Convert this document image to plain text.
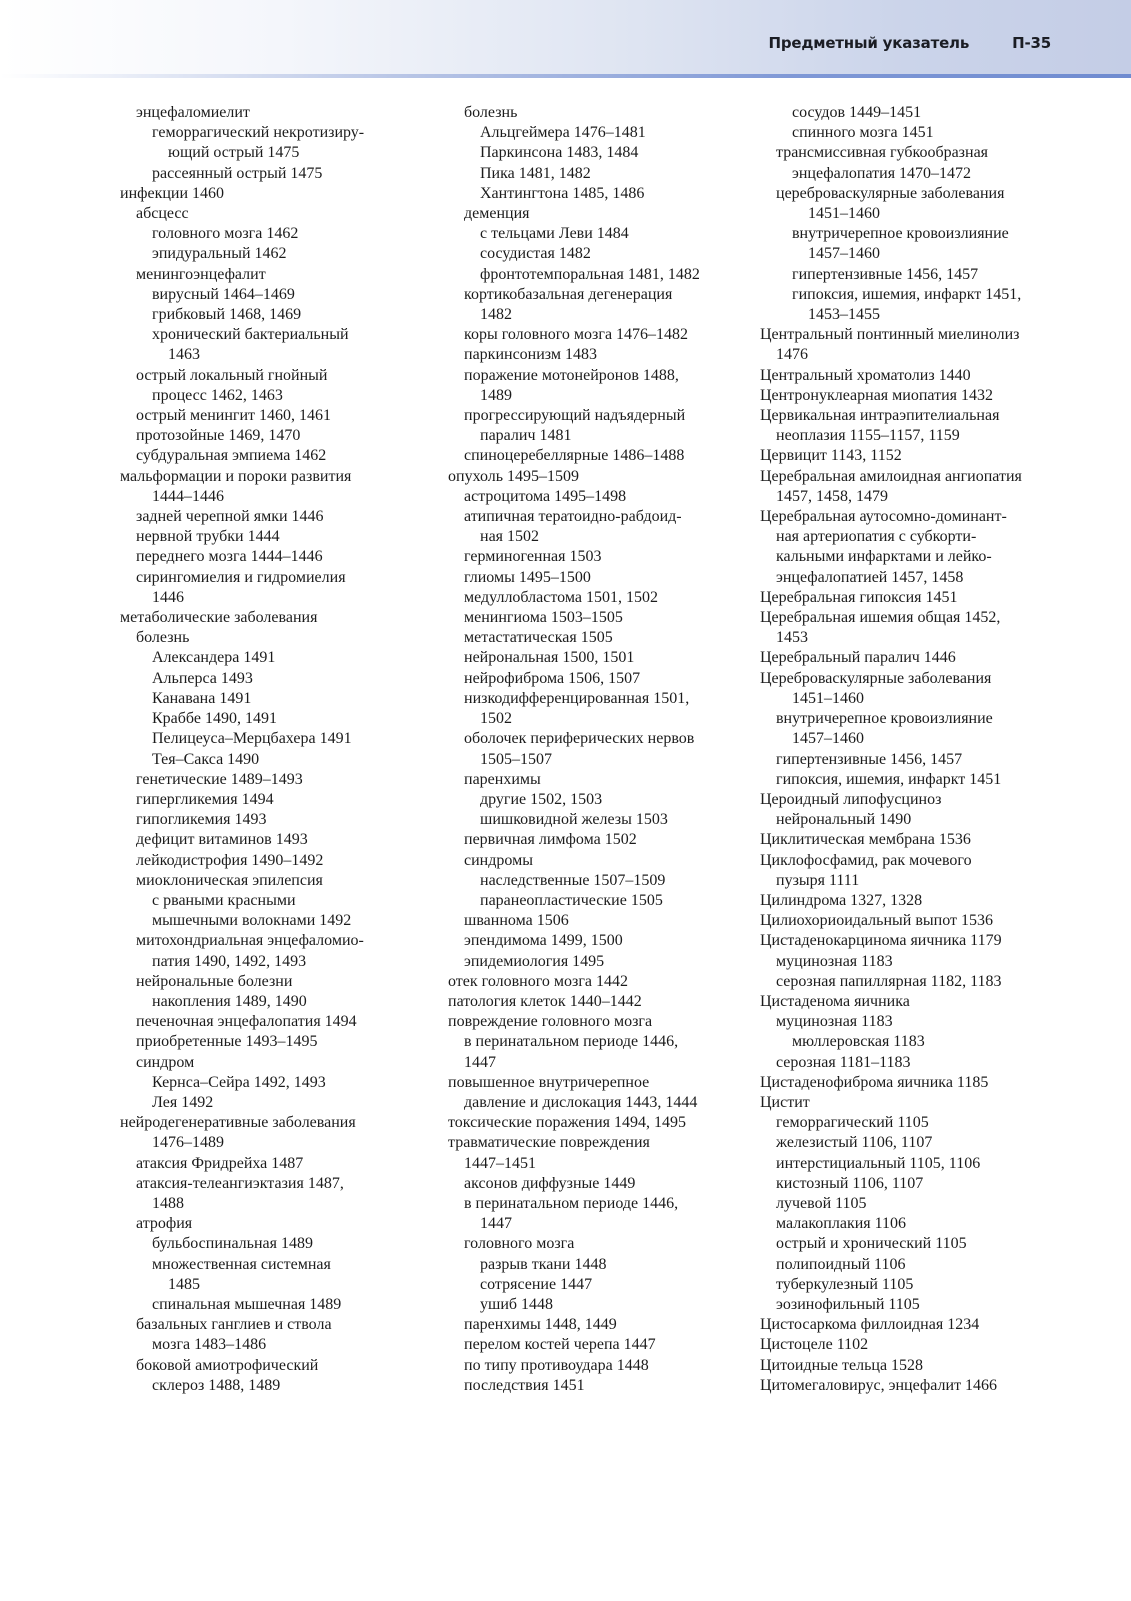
Предметный указатель	П-35
энцефаломиелит
геморрагический некротизиру-
ющий острый 1475
рассеянный острый 1475
инфекции 1460
абсцесс
головного мозга 1462
эпидуральный 1462
менингоэнцефалит
вирусный 1464–1469
грибковый 1468, 1469
хронический бактериальный
1463
острый локальный гнойный
процесс 1462, 1463
острый менингит 1460, 1461
протозойные 1469, 1470
субдуральная эмпиема 1462
мальформации и пороки развития
1444–1446
задней черепной ямки 1446
нервной трубки 1444
переднего мозга 1444–1446
сирингомиелия и гидромиелия
1446
метаболические заболевания
болезнь
Александера 1491
Альперса 1493
Канавана 1491
Краббе 1490, 1491
Пелицеуса–Мерцбахера 1491
Тея–Сакса 1490
генетические 1489–1493
гипергликемия 1494
гипогликемия 1493
дефицит витаминов 1493
лейкодистрофия 1490–1492
миоклоническая эпилепсия
с рваными красными
мышечными волокнами 1492
митохондриальная энцефаломио-
патия 1490, 1492, 1493
нейрональные болезни
накопления 1489, 1490
печеночная энцефалопатия 1494
приобретенные 1493–1495
синдром
Кернса–Сейра 1492, 1493
Лея 1492
нейродегенеративные заболевания
1476–1489
атаксия Фридрейха 1487
атаксия-телеангиэктазия 1487,
1488
атрофия
бульбоспинальная 1489
множественная системная
1485
спинальная мышечная 1489
базальных ганглиев и ствола
мозга 1483–1486
боковой амиотрофический
склероз 1488, 1489
болезнь
Альцгеймера 1476–1481
Паркинсона 1483, 1484
Пика 1481, 1482
Хантингтона 1485, 1486
деменция
с тельцами Леви 1484
сосудистая 1482
фронтотемпоральная 1481, 1482
кортикобазальная дегенерация
1482
коры головного мозга 1476–1482
паркинсонизм 1483
поражение мотонейронов 1488,
1489
прогрессирующий надъядерный
паралич 1481
спиноцеребеллярные 1486–1488
опухоль 1495–1509
астроцитома 1495–1498
атипичная тератоидно-рабдоид-
ная 1502
герминогенная 1503
глиомы 1495–1500
медуллобластома 1501, 1502
менингиома 1503–1505
метастатическая 1505
нейрональная 1500, 1501
нейрофиброма 1506, 1507
низкодифференцированная 1501,
1502
оболочек периферических нервов
1505–1507
паренхимы
другие 1502, 1503
шишковидной железы 1503
первичная лимфома 1502
синдромы
наследственные 1507–1509
паранеопластические 1505
шваннома 1506
эпендимома 1499, 1500
эпидемиология 1495
отек головного мозга 1442
патология клеток 1440–1442
повреждение головного мозга
в перинатальном периоде 1446,
1447
повышенное внутричерепное
давление и дислокация 1443, 1444
токсические поражения 1494, 1495
травматические повреждения
1447–1451
аксонов диффузные 1449
в перинатальном периоде 1446,
1447
головного мозга
разрыв ткани 1448
сотрясение 1447
ушиб 1448
паренхимы 1448, 1449
перелом костей черепа 1447
по типу противоудара 1448
последствия 1451
сосудов 1449–1451
спинного мозга 1451
трансмиссивная губкообразная
энцефалопатия 1470–1472
цереброваскулярные заболевания
1451–1460
внутричерепное кровоизлияние
1457–1460
гипертензивные 1456, 1457
гипоксия, ишемия, инфаркт 1451,
1453–1455
Центральный понтинный миелинолиз
1476
Центральный хроматолиз 1440
Центронуклеарная миопатия 1432
Цервикальная интраэпителиальная
неоплазия 1155–1157, 1159
Цервицит 1143, 1152
Церебральная амилоидная ангиопатия
1457, 1458, 1479
Церебральная аутосомно-доминант-
ная артериопатия с субкорти-
кальными инфарктами и лейко-
энцефалопатией 1457, 1458
Церебральная гипоксия 1451
Церебральная ишемия общая 1452,
1453
Церебральный паралич 1446
Цереброваскулярные заболевания
1451–1460
внутричерепное кровоизлияние
1457–1460
гипертензивные 1456, 1457
гипоксия, ишемия, инфаркт 1451
Цероидный липофусциноз
нейрональный 1490
Циклитическая мембрана 1536
Циклофосфамид, рак мочевого
пузыря 1111
Цилиндрома 1327, 1328
Цилиохориоидальный выпот 1536
Цистаденокарцинома яичника 1179
муцинозная 1183
серозная папиллярная 1182, 1183
Цистаденома яичника
муцинозная 1183
мюллеровская 1183
серозная 1181–1183
Цистаденофиброма яичника 1185
Цистит
геморрагический 1105
железистый 1106, 1107
интерстициальный 1105, 1106
кистозный 1106, 1107
лучевой 1105
малакоплакия 1106
острый и хронический 1105
полипоидный 1106
туберкулезный 1105
эозинофильный 1105
Цистосаркома филлоидная 1234
Цистоцеле 1102
Цитоидные тельца 1528
Цитомегаловирус, энцефалит 1466
